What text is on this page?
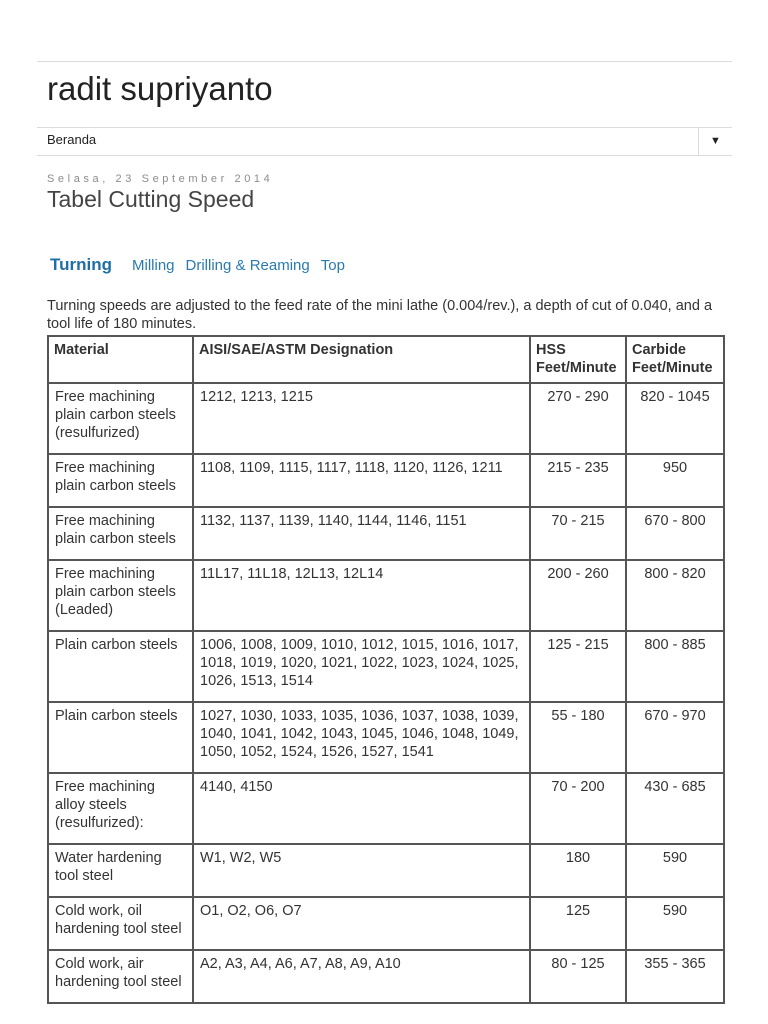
radit supriyanto
Beranda	▼
Selasa, 23 September 2014
Tabel Cutting Speed
Turning Milling Drilling & Reaming Top

Turning speeds are adjusted to the feed rate of the mini lathe (0.004/rev.), a depth of cut of 0.040, and a tool life of 180 minutes.

Material	AISI/SAE/ASTM Designation	HSS Feet/Minute	Carbide Feet/Minute
Free machining plain carbon steels (resulfurized)	1212, 1213, 1215	270 - 290	820 - 1045
Free machining plain carbon steels	1108, 1109, 1115, 1117, 1118, 1120, 1126, 1211	215 - 235	950
Free machining plain carbon steels	1132, 1137, 1139, 1140, 1144, 1146, 1151	70 - 215	670 - 800
Free machining plain carbon steels (Leaded)	11L17, 11L18, 12L13, 12L14	200 - 260	800 - 820
Plain carbon steels	1006, 1008, 1009, 1010, 1012, 1015, 1016, 1017, 1018, 1019, 1020, 1021, 1022, 1023, 1024, 1025, 1026, 1513, 1514	125 - 215	800 - 885
Plain carbon steels	1027, 1030, 1033, 1035, 1036, 1037, 1038, 1039, 1040, 1041, 1042, 1043, 1045, 1046, 1048, 1049, 1050, 1052, 1524, 1526, 1527, 1541	55 - 180	670 - 970
Free machining alloy steels (resulfurized):	4140, 4150	70 - 200	430 - 685
Water hardening tool steel	W1, W2, W5	180	590
Cold work, oil hardening tool steel	O1, O2, O6, O7	125	590
Cold work, air hardening tool steel	A2, A3, A4, A6, A7, A8, A9, A10	80 - 125	355 - 365
